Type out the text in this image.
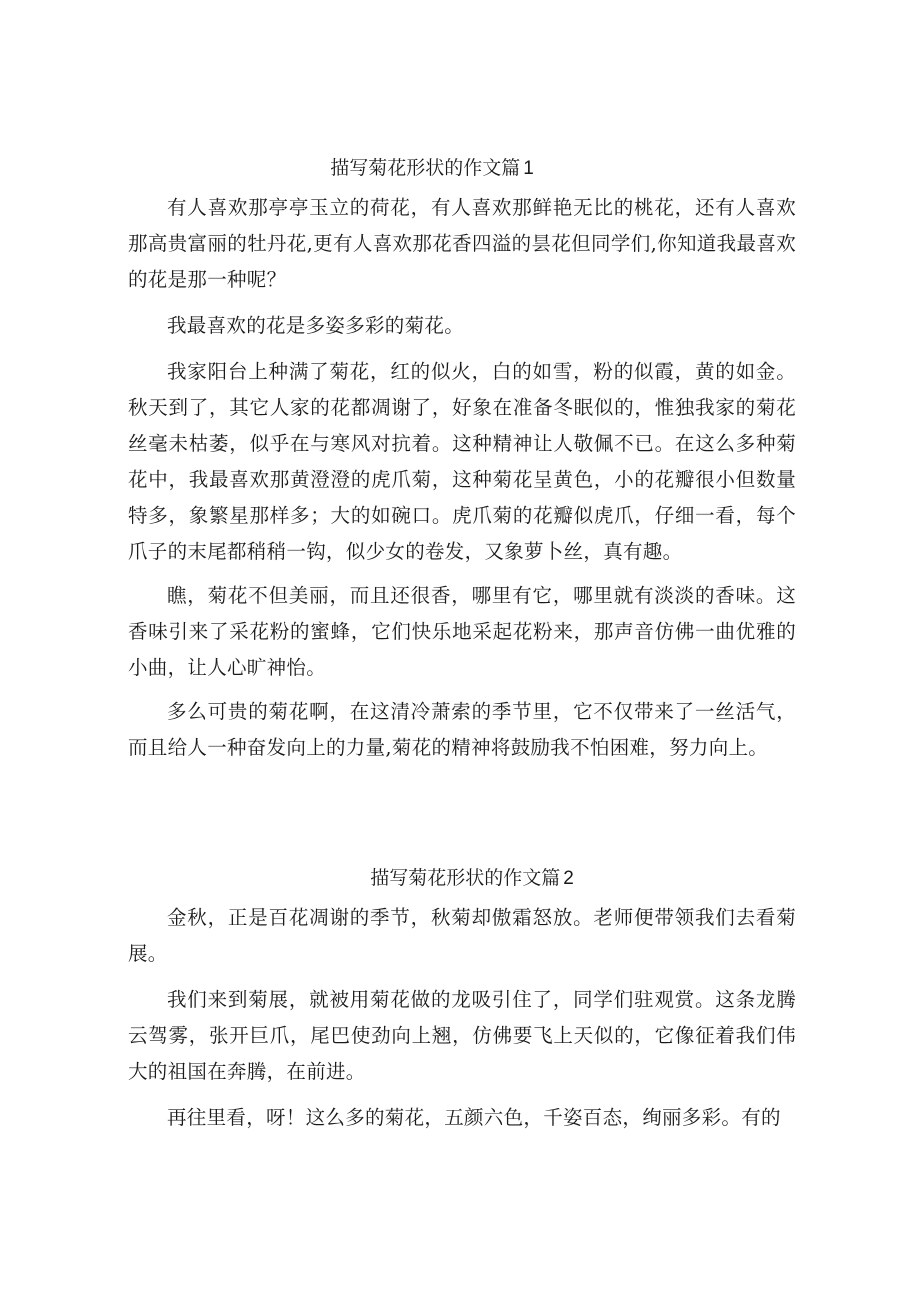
描写菊花形状的作文篇 1

有人喜欢那亭亭玉立的荷花，有人喜欢那鲜艳无比的桃花，还有人喜欢那高贵富丽的牡丹花,更有人喜欢那花香四溢的昙花但同学们,你知道我最喜欢的花是那一种呢？

我最喜欢的花是多姿多彩的菊花。

我家阳台上种满了菊花，红的似火，白的如雪，粉的似霞，黄的如金。秋天到了，其它人家的花都凋谢了，好象在准备冬眠似的，惟独我家的菊花丝毫未枯萎，似乎在与寒风对抗着。这种精神让人敬佩不已。在这么多种菊花中，我最喜欢那黄澄澄的虎爪菊，这种菊花呈黄色，小的花瓣很小但数量特多，象繁星那样多；大的如碗口。虎爪菊的花瓣似虎爪，仔细一看，每个爪子的末尾都稍稍一钩，似少女的卷发，又象萝卜丝，真有趣。

瞧，菊花不但美丽，而且还很香，哪里有它，哪里就有淡淡的香味。这香味引来了采花粉的蜜蜂，它们快乐地采起花粉来，那声音仿佛一曲优雅的小曲，让人心旷神怡。

多么可贵的菊花啊，在这清冷萧索的季节里，它不仅带来了一丝活气，而且给人一种奋发向上的力量,菊花的精神将鼓励我不怕困难，努力向上。

描写菊花形状的作文篇 2

金秋，正是百花凋谢的季节，秋菊却傲霜怒放。老师便带领我们去看菊展。

我们来到菊展，就被用菊花做的龙吸引住了，同学们驻观赏。这条龙腾云驾雾，张开巨爪，尾巴使劲向上翘，仿佛要飞上天似的，它像征着我们伟大的祖国在奔腾，在前进。

再往里看，呀！这么多的菊花，五颜六色，千姿百态，绚丽多彩。有的
